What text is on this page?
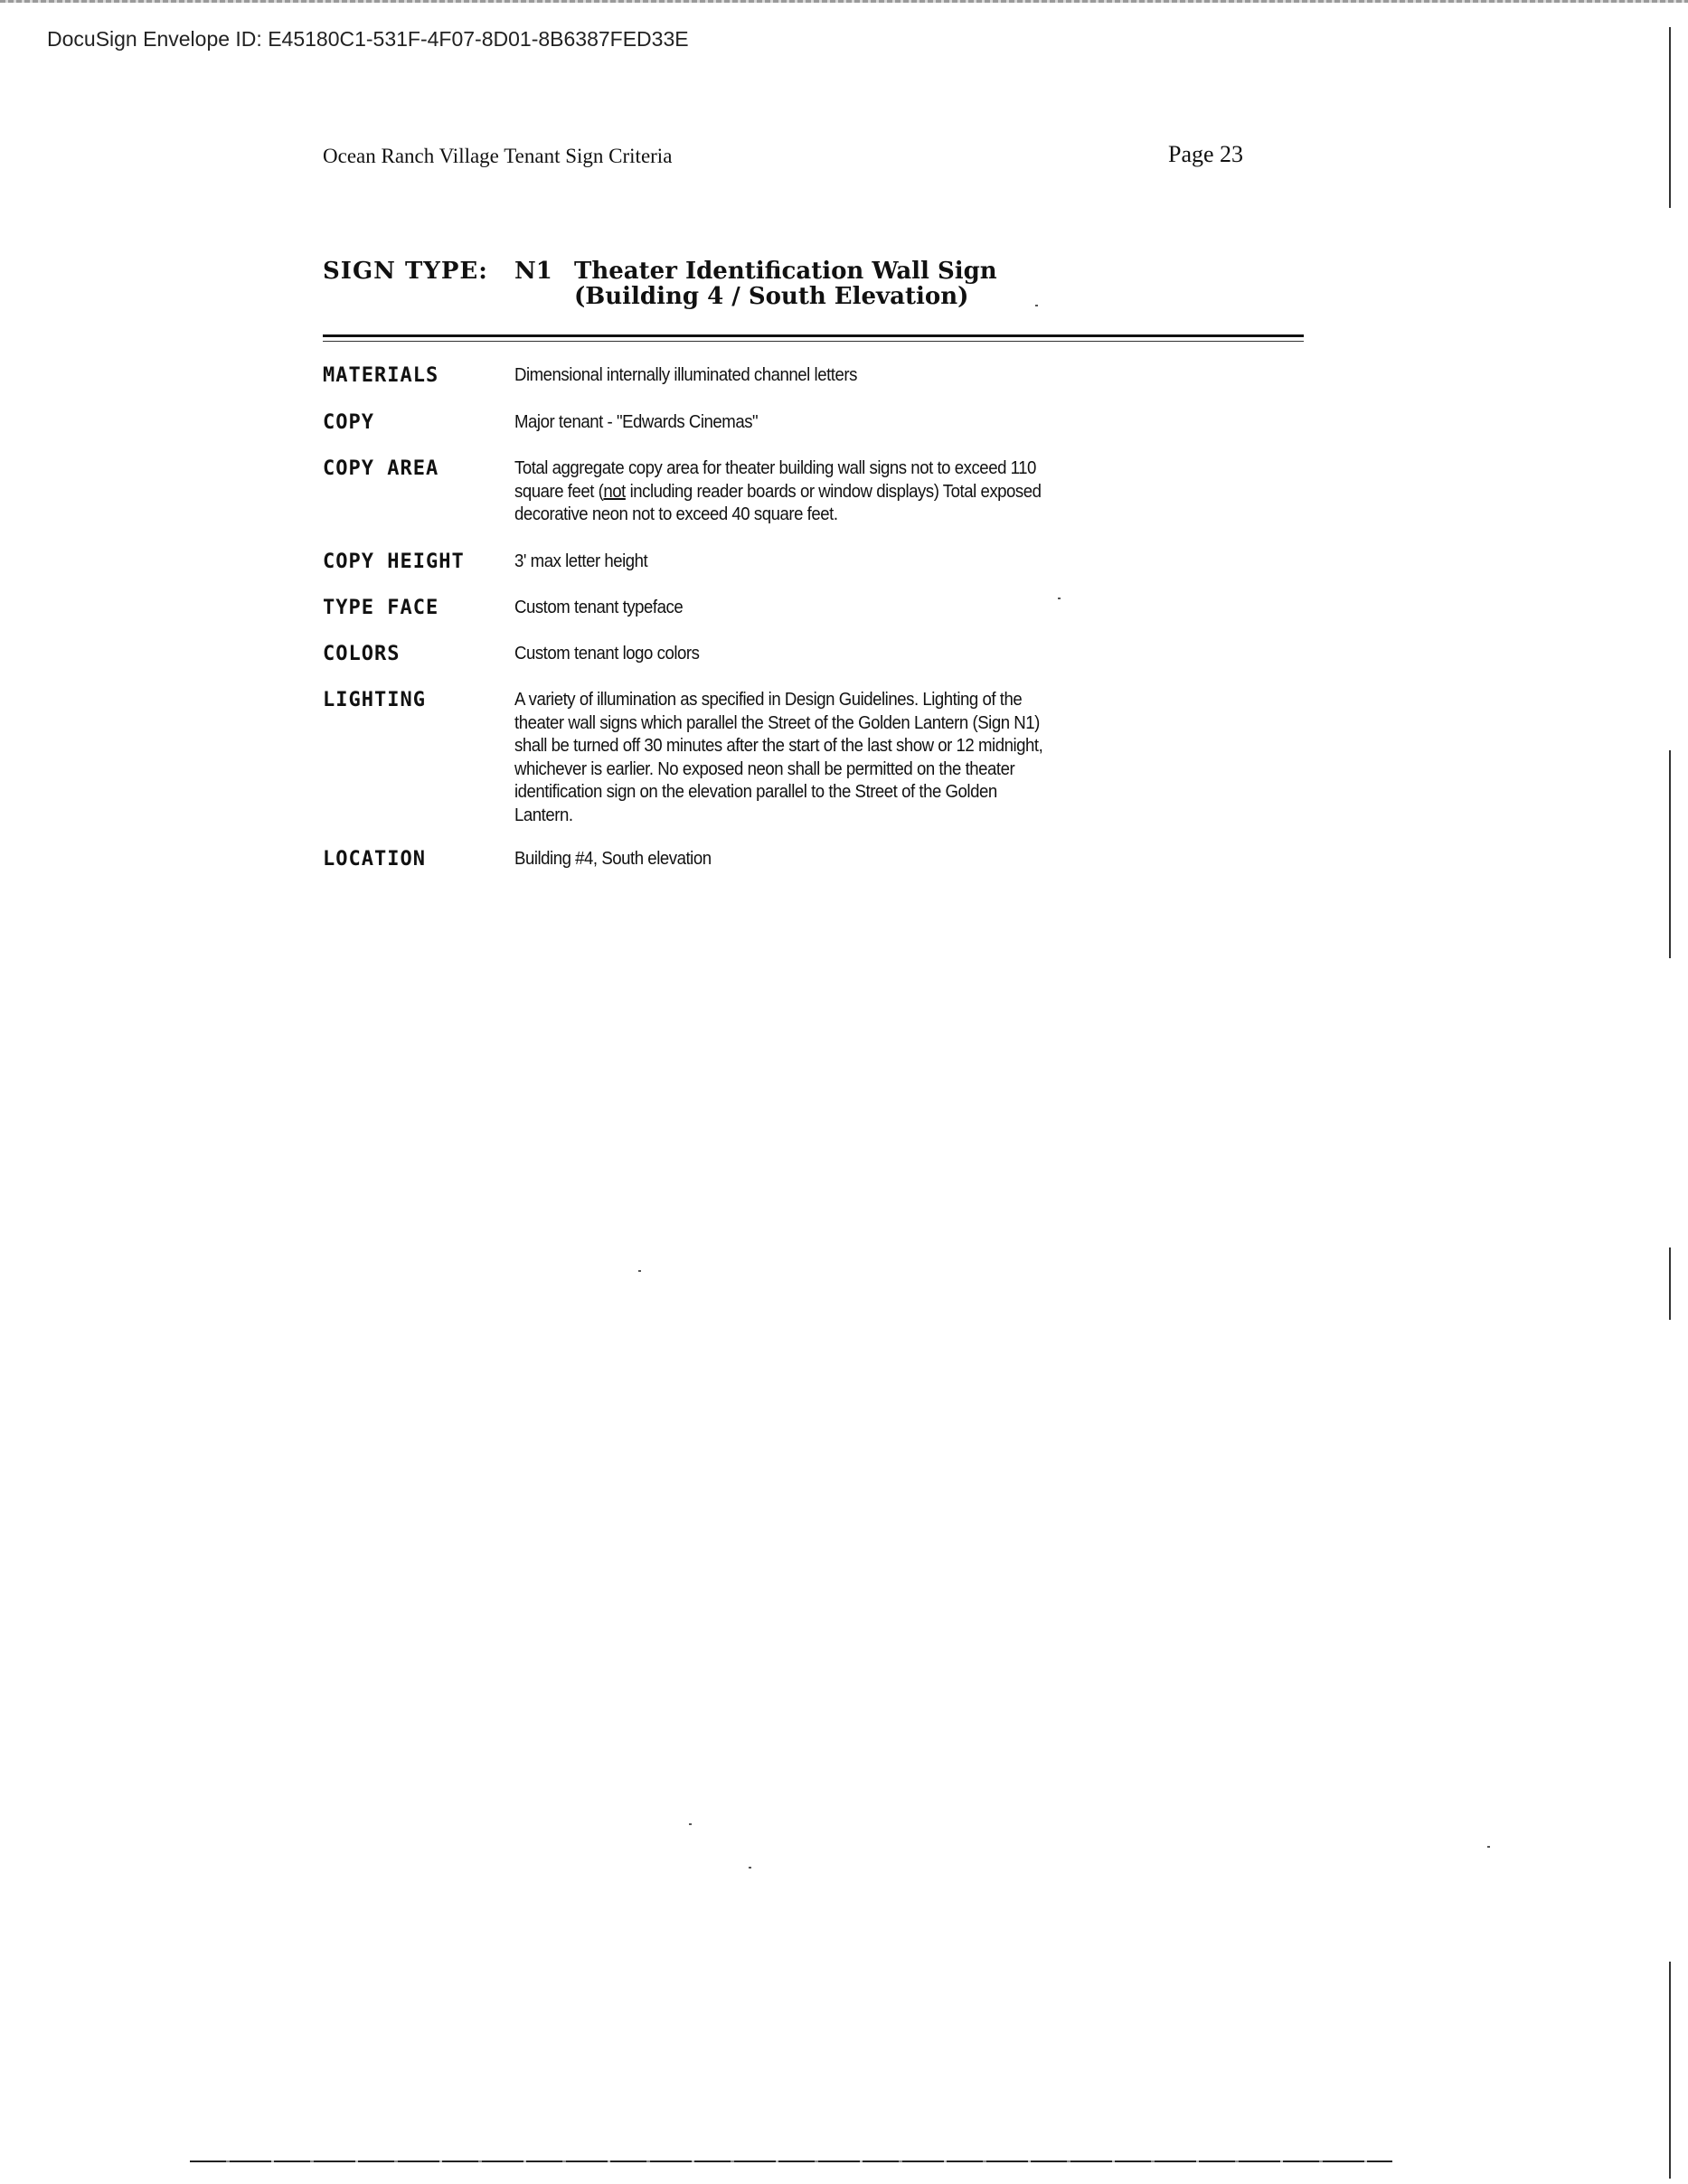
DocuSign Envelope ID: E45180C1-531F-4F07-8D01-8B6387FED33E
Ocean Ranch Village Tenant Sign Criteria	Page 23
SIGN TYPE: N1 Theater Identification Wall Sign
(Building 4 / South Elevation)
MATERIALS	Dimensional internally illuminated channel letters
COPY	Major tenant - "Edwards Cinemas"
COPY AREA	Total aggregate copy area for theater building wall signs not to exceed 110 square feet (not including reader boards or window displays) Total exposed decorative neon not to exceed 40 square feet.
COPY HEIGHT	3' max letter height
TYPE FACE	Custom tenant typeface
COLORS	Custom tenant logo colors
LIGHTING	A variety of illumination as specified in Design Guidelines. Lighting of the theater wall signs which parallel the Street of the Golden Lantern (Sign N1) shall be turned off 30 minutes after the start of the last show or 12 midnight, whichever is earlier. No exposed neon shall be permitted on the theater identification sign on the elevation parallel to the Street of the Golden Lantern.
LOCATION	Building #4, South elevation
